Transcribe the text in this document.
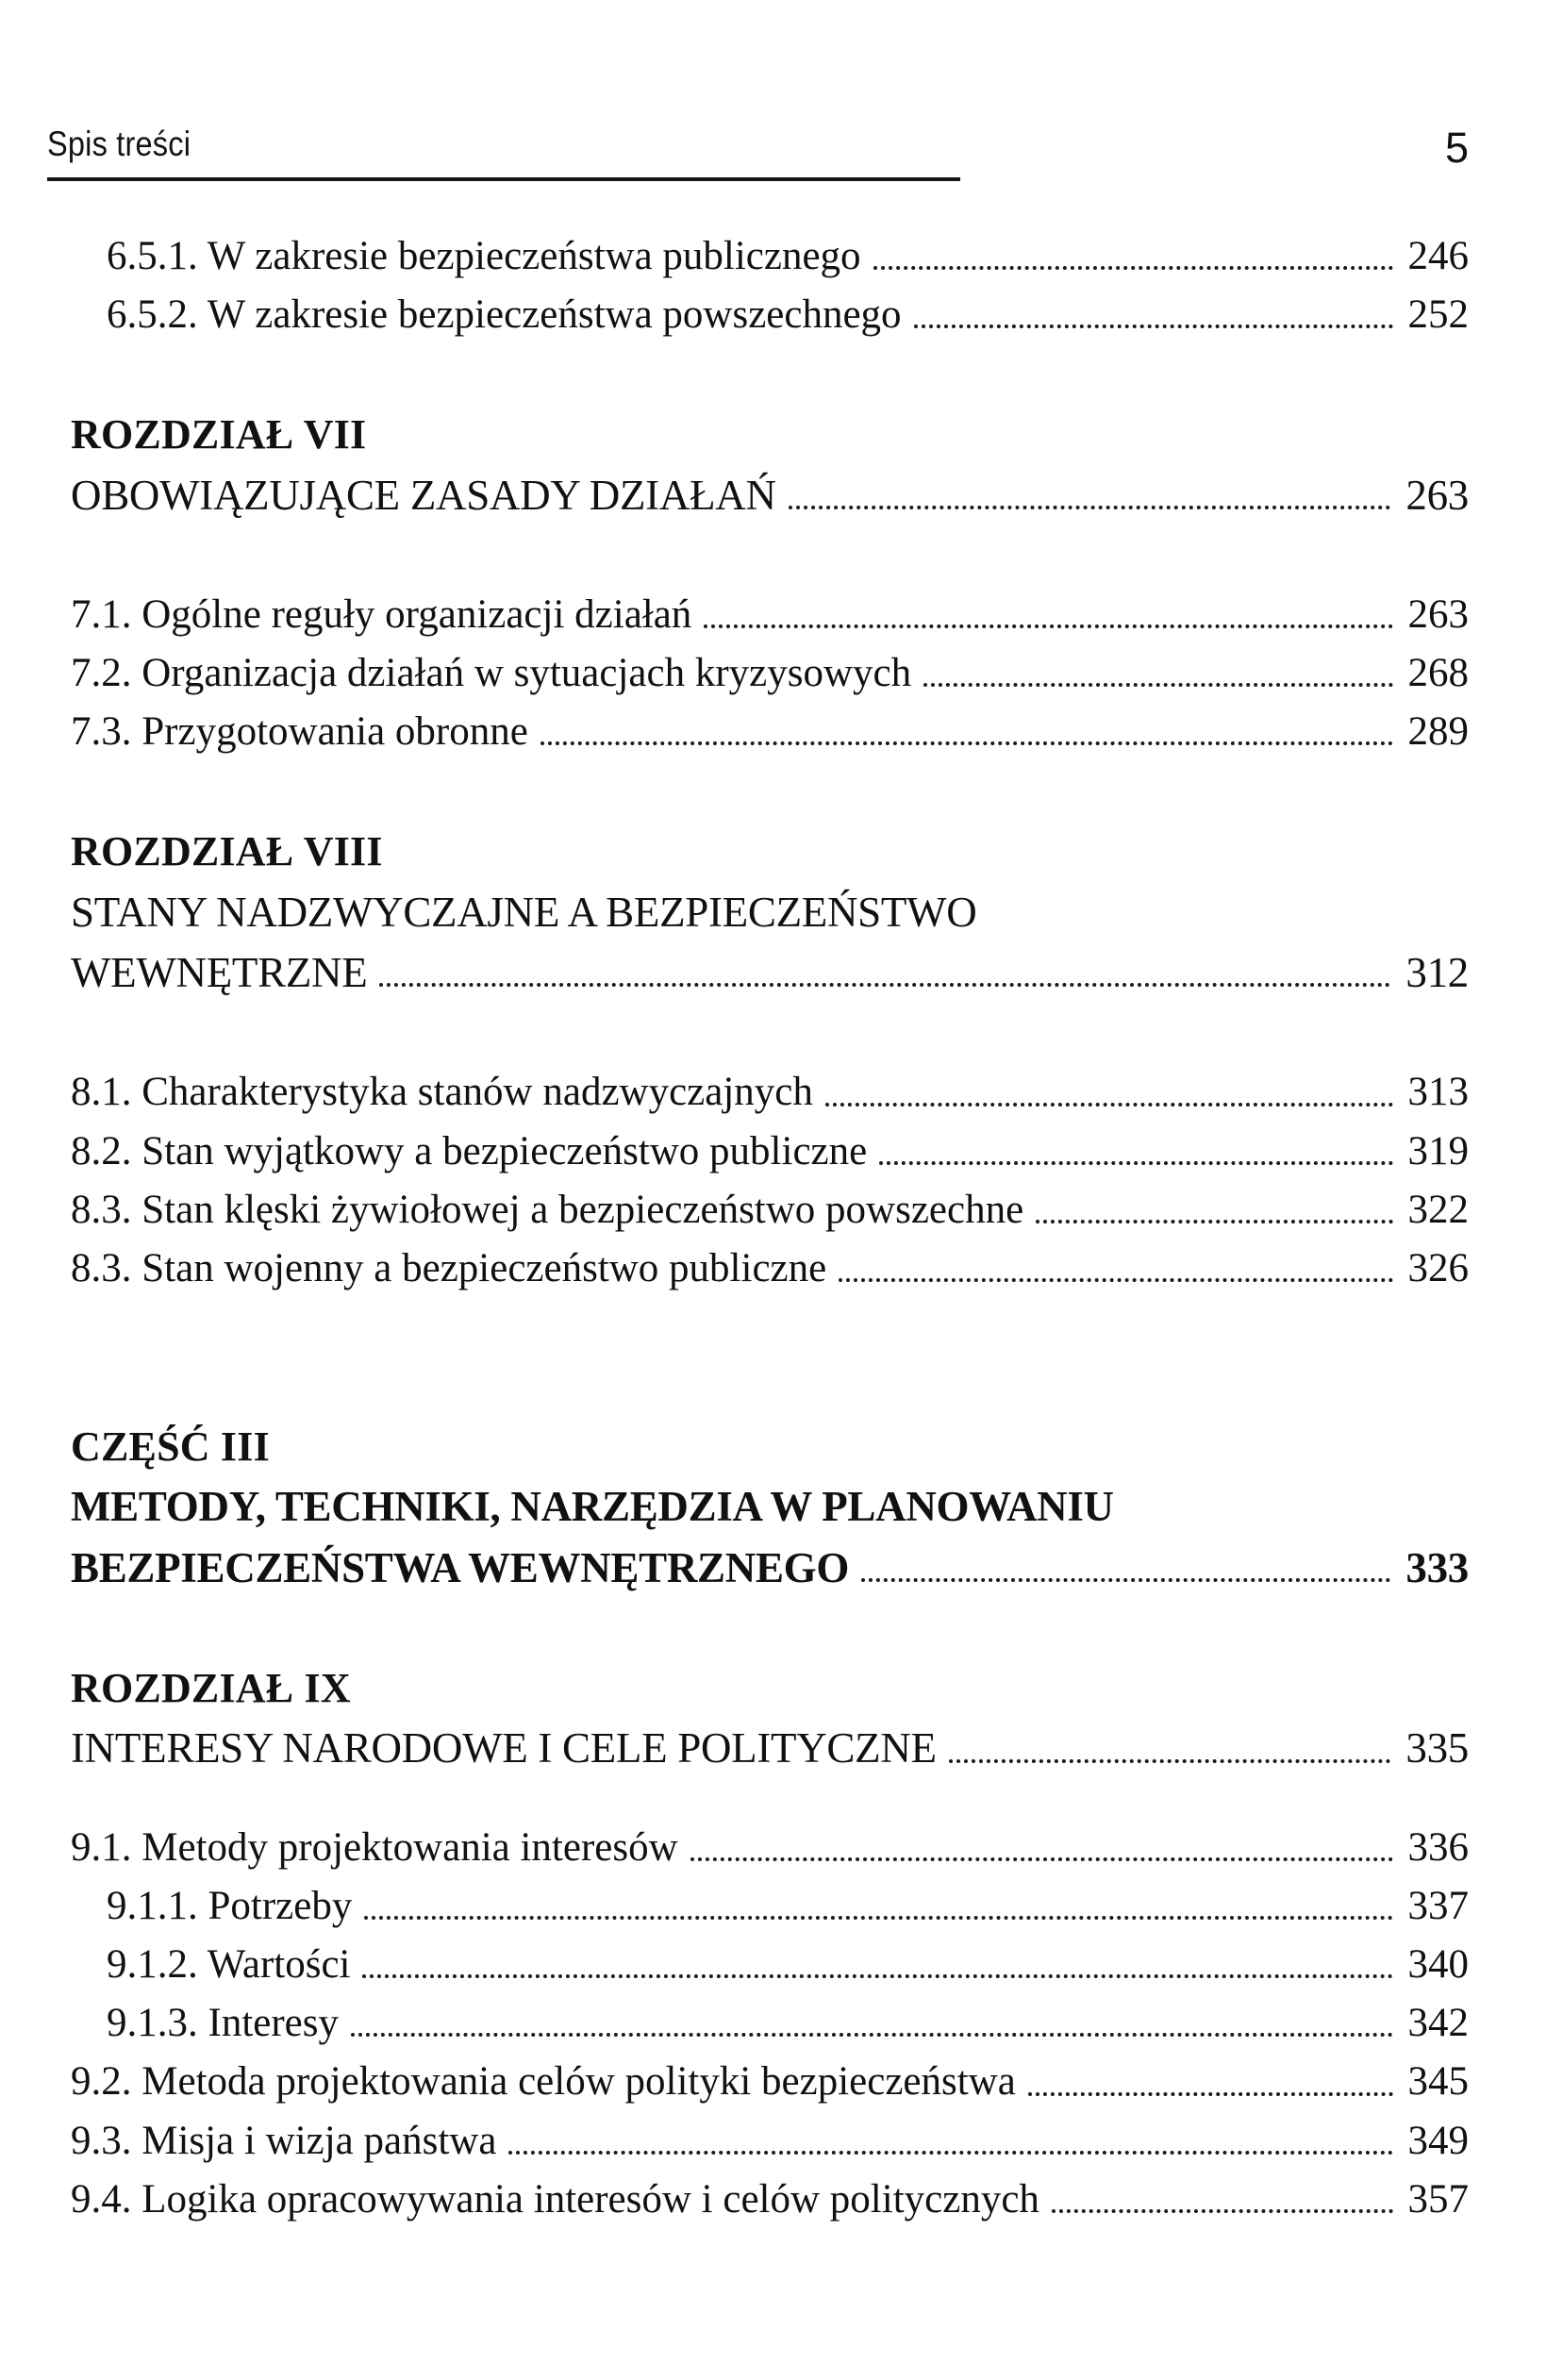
Spis treści	5
6.5.1. W zakresie bezpieczeństwa publicznego	246
6.5.2. W zakresie bezpieczeństwa powszechnego	252
ROZDZIAŁ VII
OBOWIĄZUJĄCE ZASADY DZIAŁAŃ	263
7.1. Ogólne reguły organizacji działań	263
7.2. Organizacja działań w sytuacjach kryzysowych	268
7.3. Przygotowania obronne	289
ROZDZIAŁ VIII
STANY NADZWYCZAJNE A BEZPIECZEŃSTWO
WEWNĘTRZNE	312
8.1. Charakterystyka stanów nadzwyczajnych	313
8.2. Stan wyjątkowy a bezpieczeństwo publiczne	319
8.3. Stan klęski żywiołowej a bezpieczeństwo powszechne	322
8.3. Stan wojenny a bezpieczeństwo publiczne	326
CZĘŚĆ III
METODY, TECHNIKI, NARZĘDZIA W PLANOWANIU
BEZPIECZEŃSTWA WEWNĘTRZNEGO	333
ROZDZIAŁ IX
INTERESY NARODOWE I CELE POLITYCZNE	335
9.1. Metody projektowania interesów	336
9.1.1. Potrzeby	337
9.1.2. Wartości	340
9.1.3. Interesy	342
9.2. Metoda projektowania celów polityki bezpieczeństwa	345
9.3. Misja i wizja państwa	349
9.4. Logika opracowywania interesów i celów politycznych	357
